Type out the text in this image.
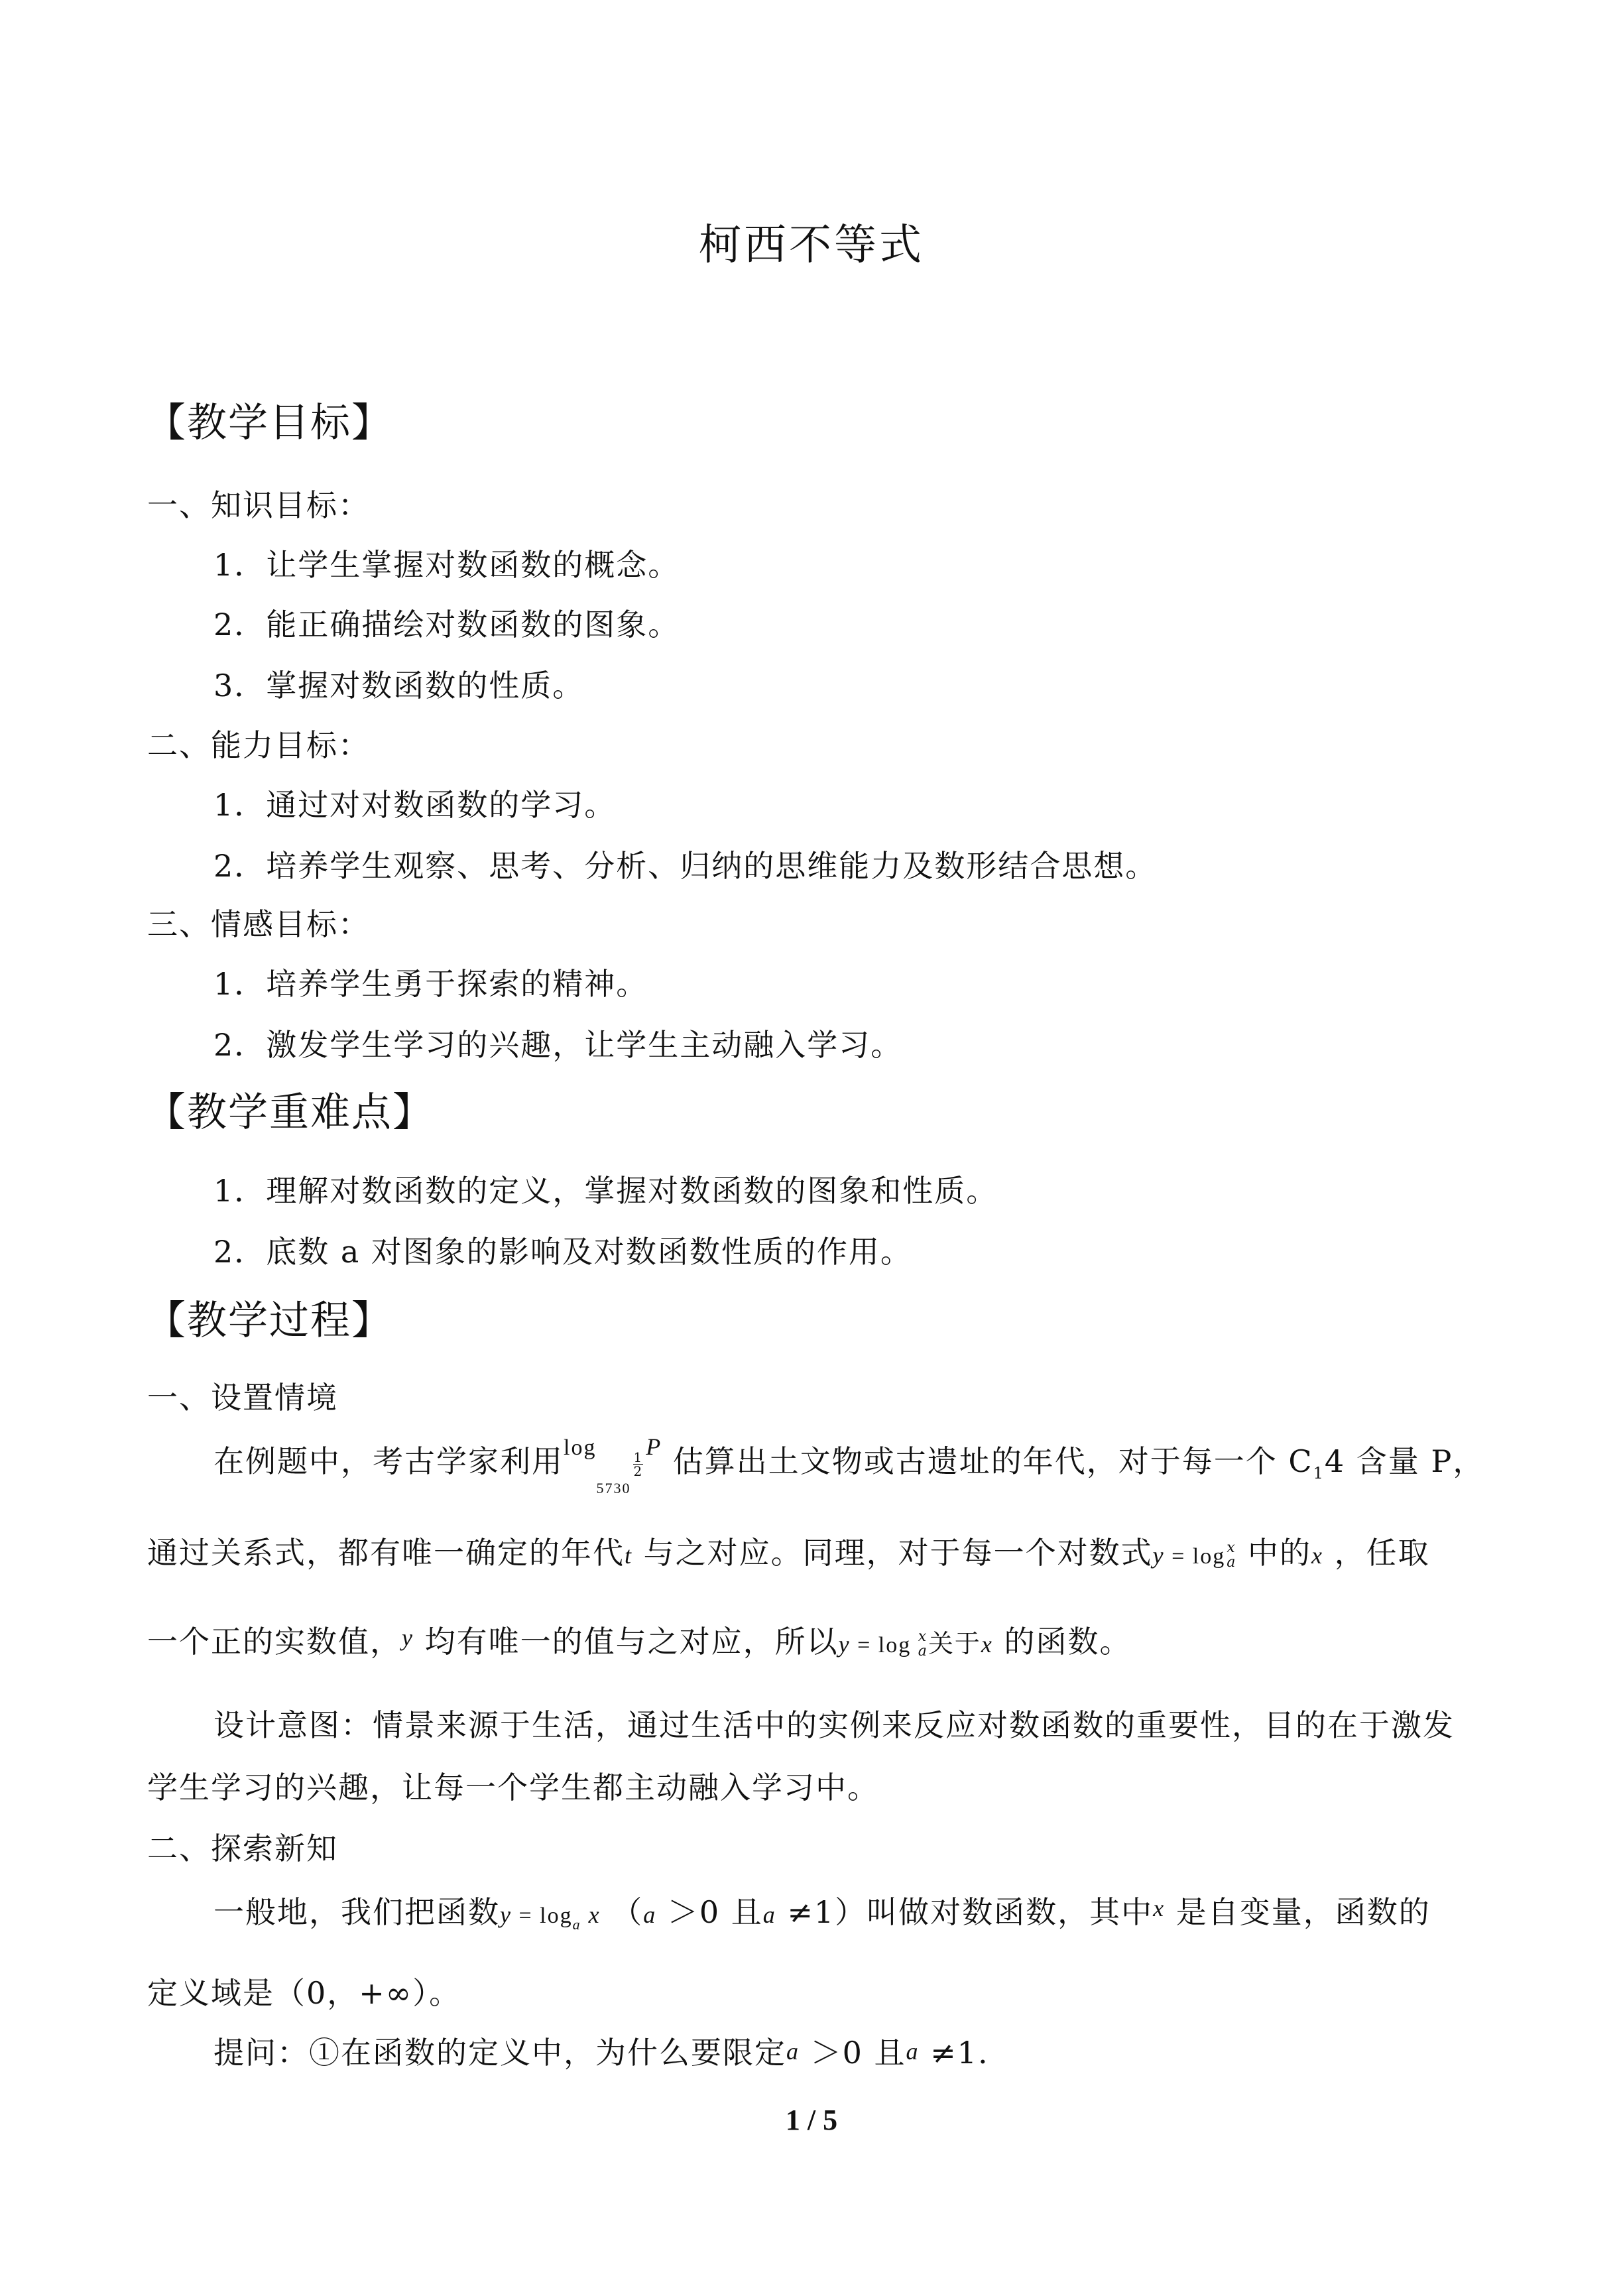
柯西不等式
【教学目标】
一、知识目标：
1．让学生掌握对数函数的概念。
2．能正确描绘对数函数的图象。
3．掌握对数函数的性质。
二、能力目标：
1．通过对对数函数的学习。
2．培养学生观察、思考、分析、归纳的思维能力及数形结合思想。
三、情感目标：
1．培养学生勇于探索的精神。
2．激发学生学习的兴趣，让学生主动融入学习。
【教学重难点】
1．理解对数函数的定义，掌握对数函数的图象和性质。
2．底数 a 对图象的影响及对数函数性质的作用。
【教学过程】
一、设置情境
在例题中，考古学家利用$^{log}_{5730}$
$\frac{1}{2}$
$^P$ 估算出土文物或古遗址的年代，对于每一个 $C_14$ 含量 P，
通过关系式，都有唯一确定的年代t 与之对应。同理，对于每一个对数式y = log x
a 中的x ，任取
一个正的实数值，$^y$ 均有唯一的值与之对应，所以y = log x
a 关于x 的函数。
设计意图：情景来源于生活，通过生活中的实例来反应对数函数的重要性，目的在于激发
学生学习的兴趣，让每一个学生都主动融入学习中。
二、探索新知
一般地，我们把函数$y = \log_a x$ （a ＞0 且a ≠1）叫做对数函数，其中$^x$ 是自变量，函数的
定义域是（0，+∞）。
提问：①在函数的定义中，为什么要限定a ＞0 且a ≠1.
1 / 5
